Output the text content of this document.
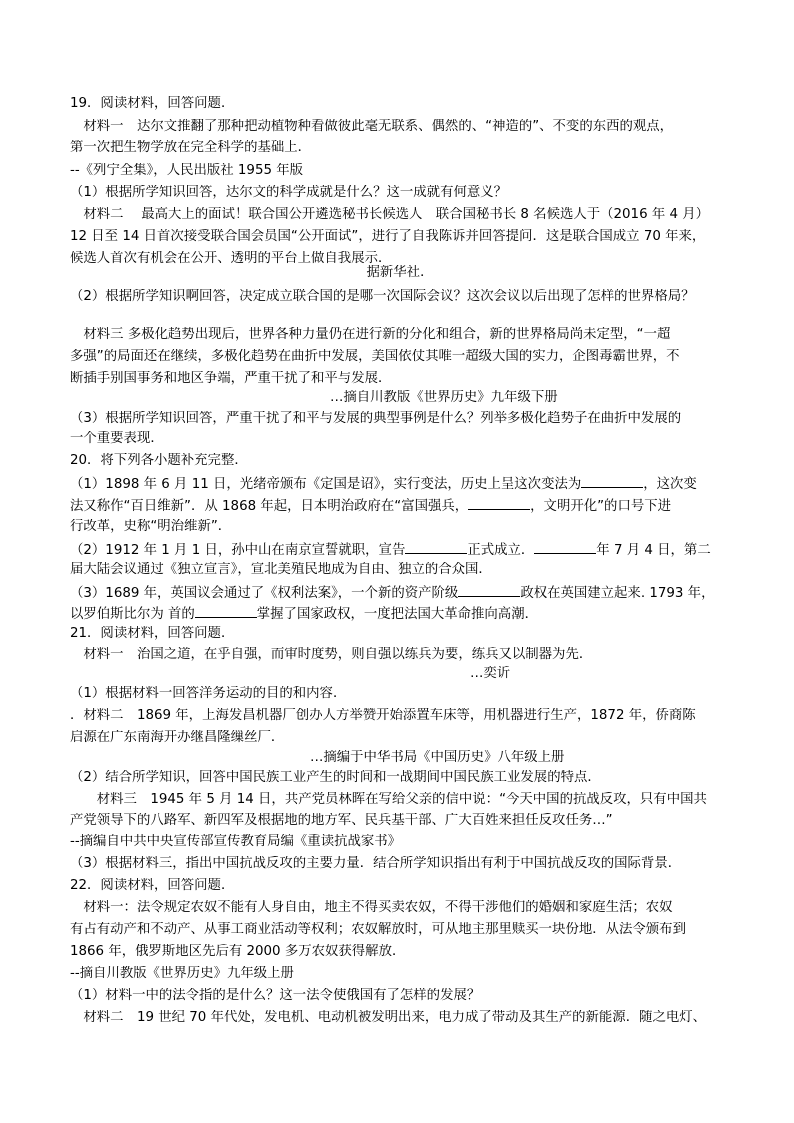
19．阅读材料，回答问题．
　材料一　达尔文推翻了那种把动植物种看做彼此毫无联系、偶然的、“神造的”、不变的东西的观点，
第一次把生物学放在完全科学的基础上．
--《列宁全集》，人民出版社 1955 年版
（1）根据所学知识回答，达尔文的科学成就是什么？这一成就有何意义？
　材料二　 最高大上的面试！联合国公开遴选秘书长候选人　联合国秘书长 8 名候选人于（2016 年 4 月）
12 日至 14 日首次接受联合国会员国“公开面试”，进行了自我陈诉并回答提问．这是联合国成立 70 年来，
候选人首次有机会在公开、透明的平台上做自我展示．
据新华社．
（2）根据所学知识啊回答，决定成立联合国的是哪一次国际会议？这次会议以后出现了怎样的世界格局？
　材料三 多极化趋势出现后，世界各种力量仍在进行新的分化和组合，新的世界格局尚未定型，“一超
多强”的局面还在继续，多极化趋势在曲折中发展，美国依仗其唯一超级大国的实力，企图毒霸世界，不
断插手别国事务和地区争端，严重干扰了和平与发展．
…摘自川教版《世界历史》九年级下册
（3）根据所学知识回答，严重干扰了和平与发展的典型事例是什么？列举多极化趋势子在曲折中发展的
一个重要表现．
20．将下列各小题补充完整．
（1）1898 年 6 月 11 日，光绪帝颁布《定国是诏》，实行变法，历史上呈这次变法为	，这次变
法又称作“百日维新”．从 1868 年起，日本明治政府在“富国强兵，	，文明开化”的口号下进
行改革，史称“明治维新”．
（2）1912 年 1 月 1 日，孙中山在南京宣誓就职，宣告	正式成立．	年 7 月 4 日，第二
届大陆会议通过《独立宣言》，宣北美殖民地成为自由、独立的合众国．
（3）1689 年，英国议会通过了《权利法案》，一个新的资产阶级	政权在英国建立起来. 1793 年，
以罗伯斯比尔为 首的	掌握了国家政权，一度把法国大革命推向高潮．
21．阅读材料，回答问题．
　材料一　治国之道，在乎自强，而审时度势，则自强以练兵为要，练兵又以制器为先．
…奕䜣
（1）根据材料一回答洋务运动的目的和内容．
．材料二　1869 年，上海发昌机器厂创办人方举赞开始添置车床等，用机器进行生产，1872 年，侨商陈
启源在广东南海开办继昌隆缫丝厂．
…摘编于中华书局《中国历史》八年级上册
（2）结合所学知识，回答中国民族工业产生的时间和一战期间中国民族工业发展的特点．
　　材料三　1945 年 5 月 14 日，共产党员林晖在写给父亲的信中说：“今天中国的抗战反攻，只有中国共
产党领导下的八路军、新四军及根据地的地方军、民兵基干部、广大百姓来担任反攻任务…”
--摘编自中共中央宣传部宣传教育局编《重读抗战家书》
（3）根据材料三，指出中国抗战反攻的主要力量．结合所学知识指出有利于中国抗战反攻的国际背景．
22．阅读材料，回答问题．
　材料一：法令规定农奴不能有人身自由，地主不得买卖农奴，不得干涉他们的婚姻和家庭生活；农奴
有占有动产和不动产、从事工商业活动等权利；农奴解放时，可从地主那里赎买一块份地．从法令颁布到
1866 年，俄罗斯地区先后有 2000 多万农奴获得解放．
--摘自川教版《世界历史》九年级上册
（1）材料一中的法令指的是什么？这一法令使俄国有了怎样的发展？
　材料二　19 世纪 70 年代处，发电机、电动机被发明出来，电力成了带动及其生产的新能源．随之电灯、
